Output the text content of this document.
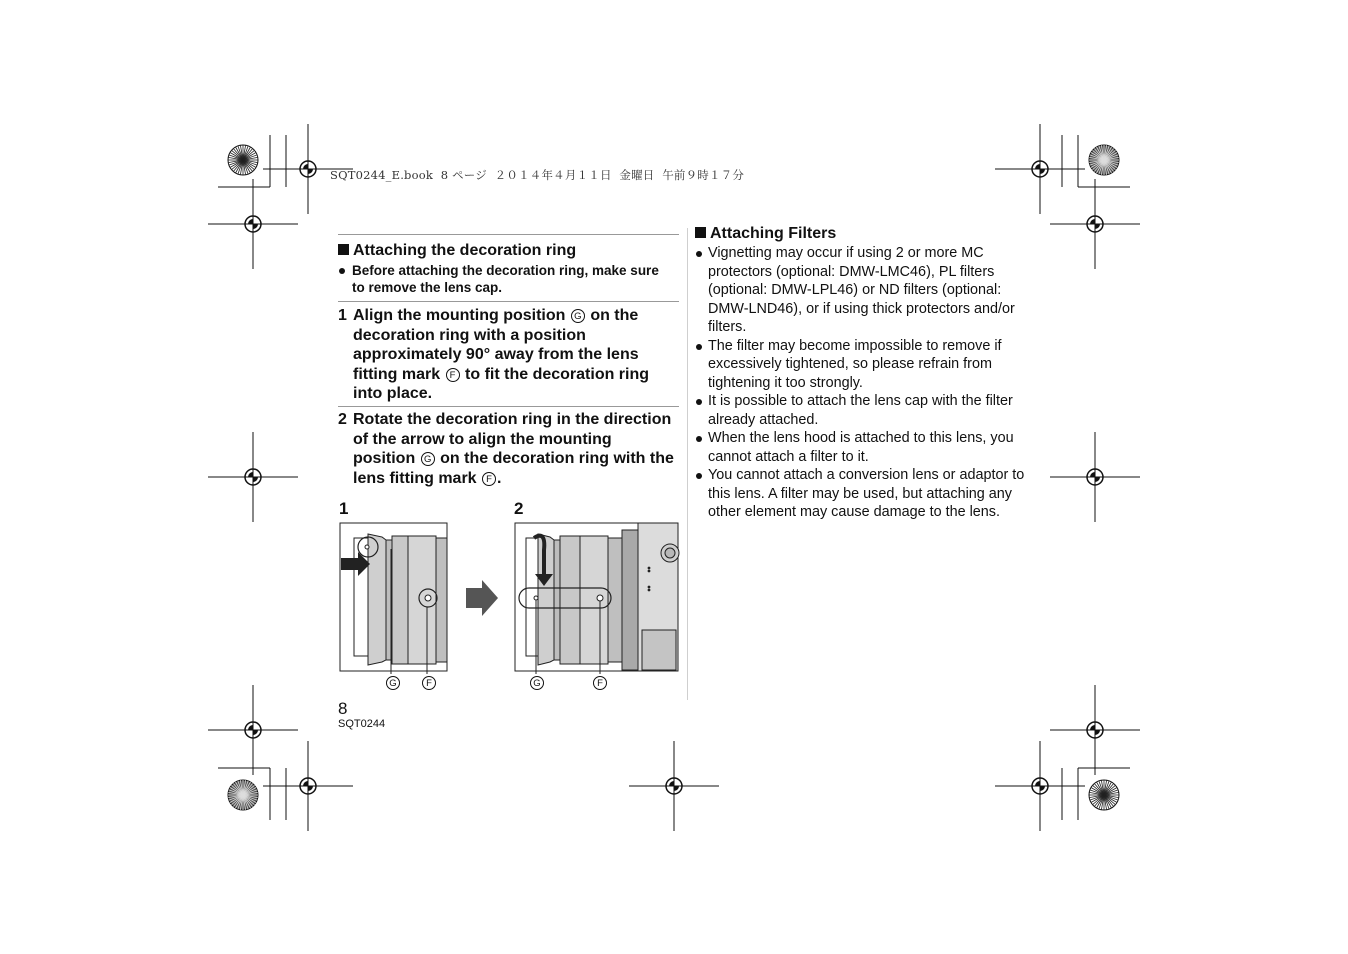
SQT0244_E.book  8 ページ  ２０１４年４月１１日  金曜日  午前９時１７分
Attaching the decoration ring
Before attaching the decoration ring, make sure to remove the lens cap.
1 Align the mounting position G on the decoration ring with a position approximately 90° away from the lens fitting mark F to fit the decoration ring into place.
2 Rotate the decoration ring in the direction of the arrow to align the mounting position G on the decoration ring with the lens fitting mark F .
1	2
G	F	G	F
Attaching Filters
Vignetting may occur if using 2 or more MC protectors (optional: DMW-LMC46), PL filters (optional: DMW-LPL46) or ND filters (optional: DMW-LND46), or if using thick protectors and/or filters.
The filter may become impossible to remove if excessively tightened, so please refrain from tightening it too strongly.
It is possible to attach the lens cap with the filter already attached.
When the lens hood is attached to this lens, you cannot attach a filter to it.
You cannot attach a conversion lens or adaptor to this lens. A filter may be used, but attaching any other element may cause damage to the lens.
8
SQT0244
